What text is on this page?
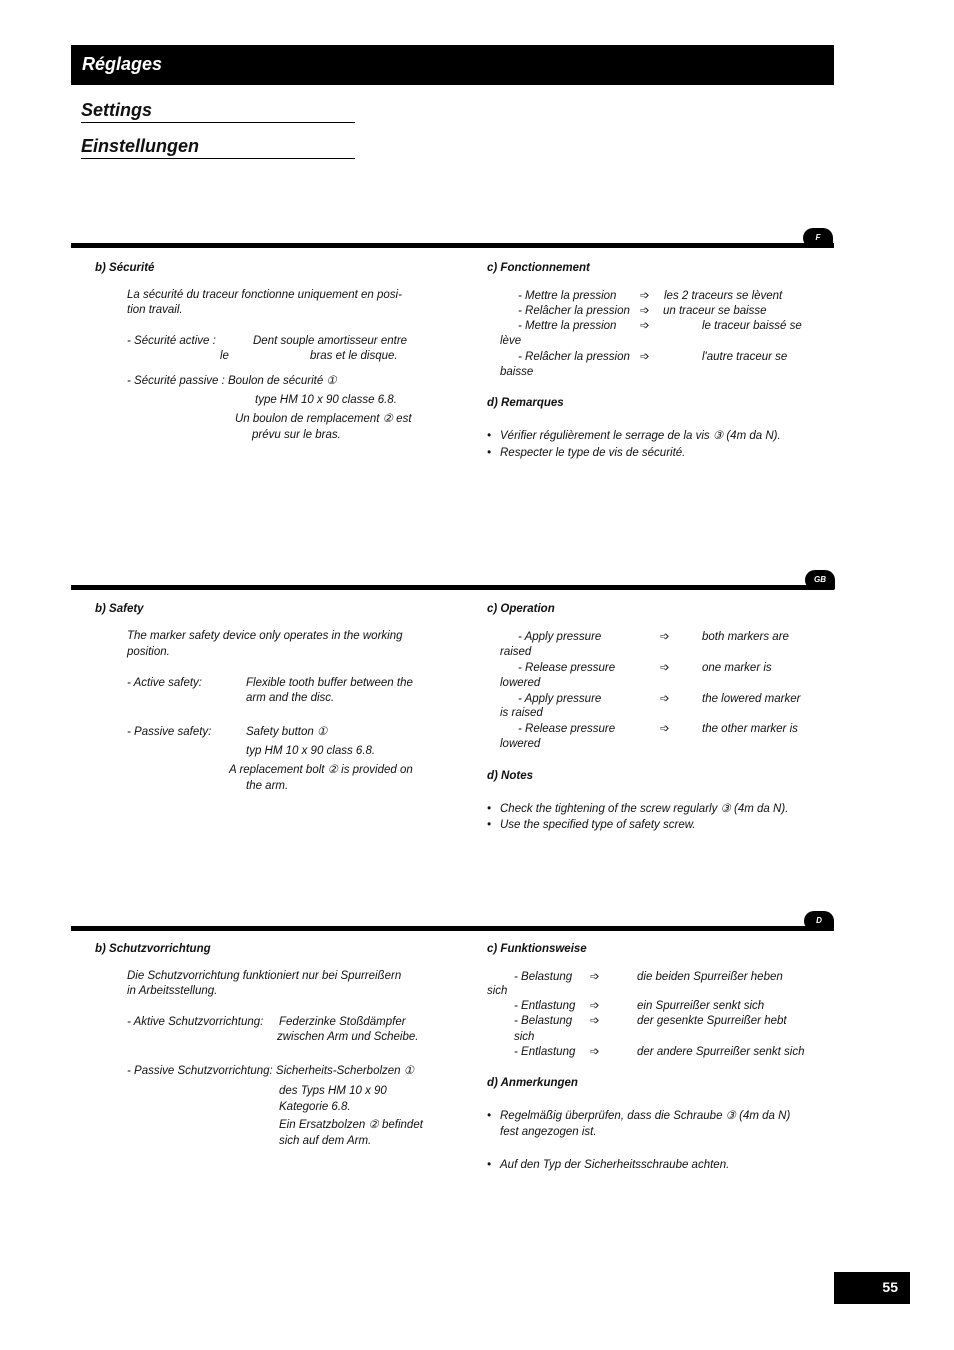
Réglages
Settings
Einstellungen
F
b) Sécurité
La sécurité du traceur fonctionne uniquement en posi-
tion travail.
- Sécurité active :	Dent souple amortisseur entre
le	bras et le disque.
- Sécurité passive : Boulon de sécurité ①
type HM 10 x 90 classe 6.8.
Un boulon de remplacement ② est
prévu sur le bras.
c) Fonctionnement
- Mettre la pression ➩ les 2 traceurs se lèvent
- Relâcher la pression ➩ un traceur se baisse
- Mettre la pression ➩	le traceur baissé se
lève
- Relâcher la pression ➩	l'autre traceur se
baisse
d) Remarques
• Vérifier régulièrement le serrage de la vis ③ (4m da N).
• Respecter le type de vis de sécurité.
GB
b) Safety
The marker safety device only operates in the working
position.
- Active safety:	Flexible tooth buffer between the
arm and the disc.
- Passive safety:	Safety button ①
typ HM 10 x 90 class 6.8.
A replacement bolt ② is provided on
the arm.
c) Operation
- Apply pressure	➩	both markers are
raised
- Release pressure	➩	one marker is
lowered
- Apply pressure	➩	the lowered marker
is raised
- Release pressure	➩	the other marker is
lowered
d) Notes
• Check the tightening of the screw regularly ③ (4m da N).
• Use the specified type of safety screw.
D
b) Schutzvorrichtung
Die Schutzvorrichtung funktioniert nur bei Spurreißern
in Arbeitsstellung.
- Aktive Schutzvorrichtung: Federzinke Stoßdämpfer
zwischen Arm und Scheibe.
- Passive Schutzvorrichtung: Sicherheits-Scherbolzen ①
des Typs HM 10 x 90
Kategorie 6.8.
Ein Ersatzbolzen ② befindet
sich auf dem Arm.
c) Funktionsweise
- Belastung ➩	die beiden Spurreißer heben
sich
- Entlastung ➩	ein Spurreißer senkt sich
- Belastung ➩	der gesenkte Spurreißer hebt
sich
- Entlastung ➩	der andere Spurreißer senkt sich
d) Anmerkungen
• Regelmäßig überprüfen, dass die Schraube ③ (4m da N)
fest angezogen ist.
• Auf den Typ der Sicherheitsschraube achten.
55
